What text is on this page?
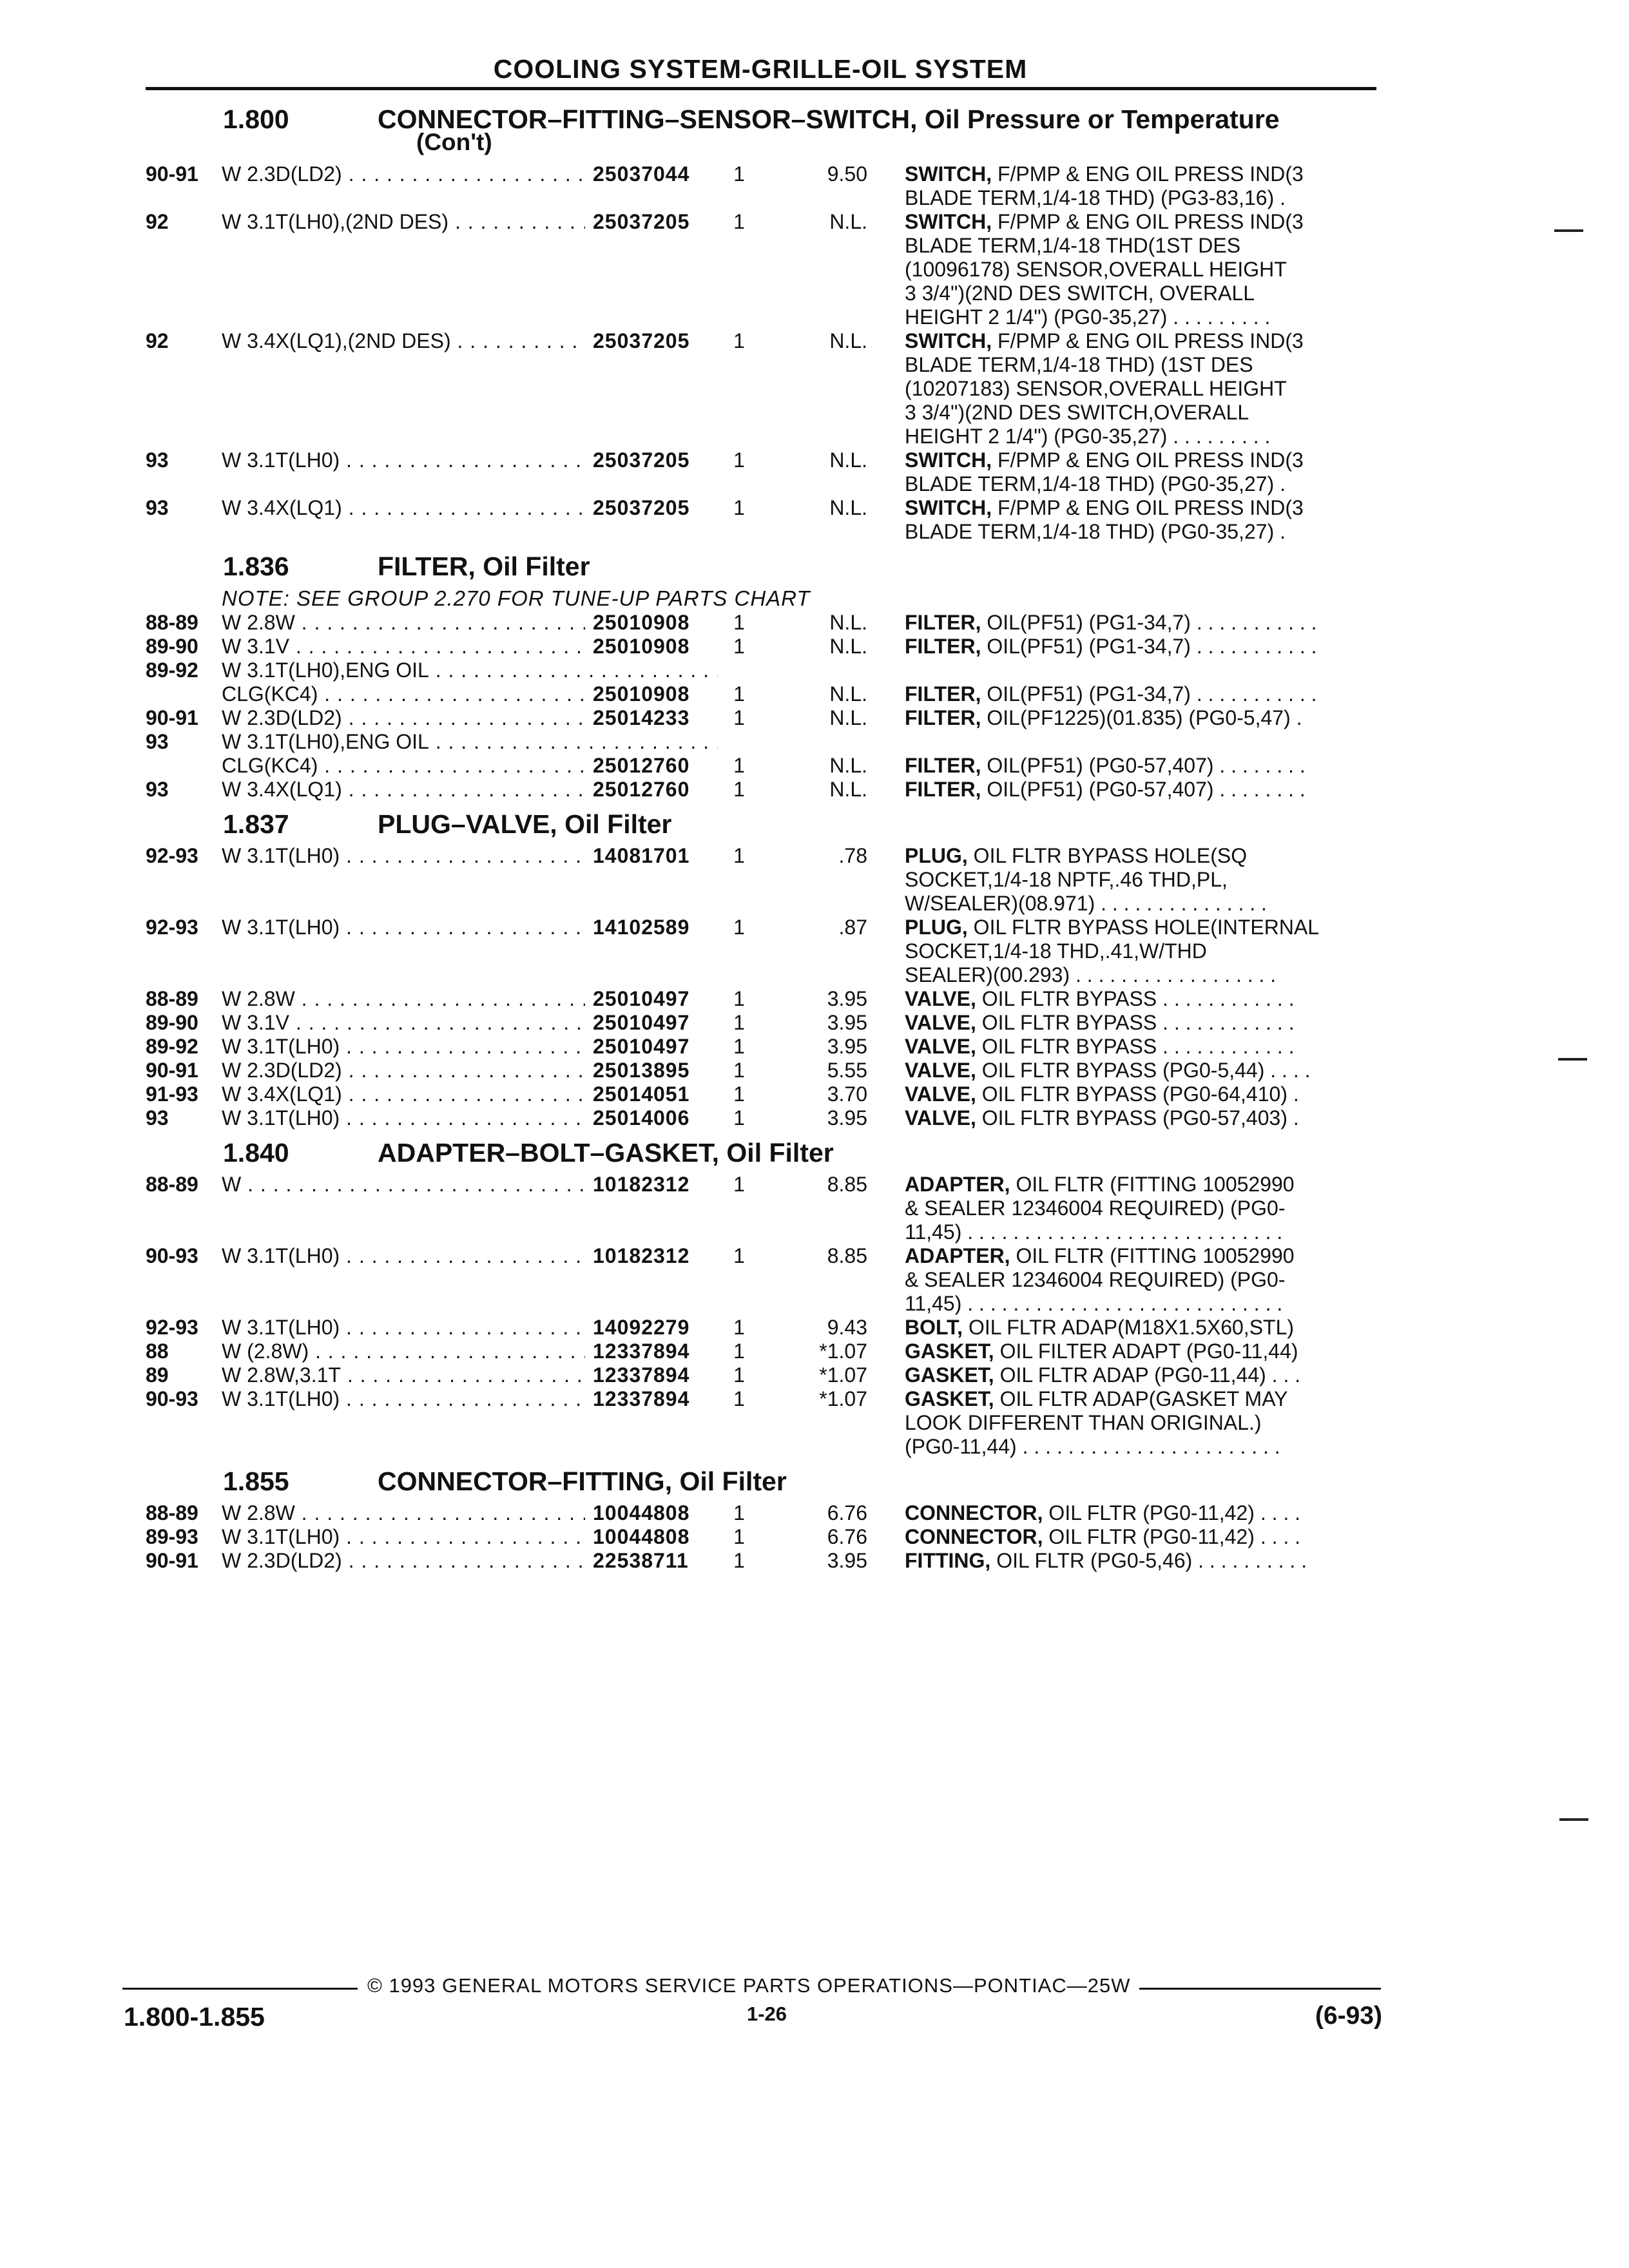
COOLING SYSTEM-GRILLE-OIL SYSTEM
1.800	CONNECTOR–FITTING–SENSOR–SWITCH, Oil Pressure or Temperature
(Con't)
90-91 W 2.3D(LD2) . . .	25037044	1	9.50 SWITCH, F/PMP & ENG OIL PRESS IND(3
BLADE TERM,1/4-18 THD) (PG3-83,16) .
92	W 3.1T(LH0),(2ND DES) . . .	25037205	1	N.L. SWITCH, F/PMP & ENG OIL PRESS IND(3
BLADE TERM,1/4-18 THD(1ST DES
(10096178) SENSOR,OVERALL HEIGHT
3 3/4")(2ND DES SWITCH, OVERALL
HEIGHT 2 1/4") (PG0-35,27) . . . . . . . . .
92	W 3.4X(LQ1),(2ND DES) . . .	25037205	1	N.L. SWITCH, F/PMP & ENG OIL PRESS IND(3
BLADE TERM,1/4-18 THD) (1ST DES
(10207183) SENSOR,OVERALL HEIGHT
3 3/4")(2ND DES SWITCH,OVERALL
HEIGHT 2 1/4") (PG0-35,27) . . . . . . . . .
93	W 3.1T(LH0) . . .	25037205	1	N.L. SWITCH, F/PMP & ENG OIL PRESS IND(3
BLADE TERM,1/4-18 THD) (PG0-35,27) .
93	W 3.4X(LQ1) . . .	25037205	1	N.L. SWITCH, F/PMP & ENG OIL PRESS IND(3
BLADE TERM,1/4-18 THD) (PG0-35,27) .
1.836	FILTER, Oil Filter
NOTE: SEE GROUP 2.270 FOR TUNE-UP PARTS CHART
88-89 W 2.8W . . .	25010908	1	N.L. FILTER, OIL(PF51) (PG1-34,7) . . . . . . . . . . .
89-90 W 3.1V . . .	25010908	1	N.L. FILTER, OIL(PF51) (PG1-34,7) . . . . . . . . . . .
89-92 W 3.1T(LH0),ENG OIL . . .
CLG(KC4) . . .	25010908	1	N.L. FILTER, OIL(PF51) (PG1-34,7) . . . . . . . . . . .
90-91 W 2.3D(LD2) . . .	25014233	1	N.L. FILTER, OIL(PF1225)(01.835) (PG0-5,47) .
93	W 3.1T(LH0),ENG OIL . . .
CLG(KC4) . . .	25012760	1	N.L. FILTER, OIL(PF51) (PG0-57,407) . . . . . . . .
93	W 3.4X(LQ1) . . .	25012760	1	N.L. FILTER, OIL(PF51) (PG0-57,407) . . . . . . . .
1.837	PLUG–VALVE, Oil Filter
92-93 W 3.1T(LH0) . . .	14081701	1	.78 PLUG, OIL FLTR BYPASS HOLE(SQ
SOCKET,1/4-18 NPTF,.46 THD,PL,
W/SEALER)(08.971) . . . . . . . . . . . . . . .
92-93 W 3.1T(LH0) . . .	14102589	1	.87 PLUG, OIL FLTR BYPASS HOLE(INTERNAL
SOCKET,1/4-18 THD,.41,W/THD
SEALER)(00.293) . . . . . . . . . . . . . . . . . .
88-89 W 2.8W . . .	25010497	1	3.95 VALVE, OIL FLTR BYPASS . . . . . . . . . . . .
89-90 W 3.1V . . .	25010497	1	3.95 VALVE, OIL FLTR BYPASS . . . . . . . . . . . .
89-92 W 3.1T(LH0) . . .	25010497	1	3.95 VALVE, OIL FLTR BYPASS . . . . . . . . . . . .
90-91 W 2.3D(LD2) . . .	25013895	1	5.55 VALVE, OIL FLTR BYPASS (PG0-5,44) . . . .
91-93 W 3.4X(LQ1) . . .	25014051	1	3.70 VALVE, OIL FLTR BYPASS (PG0-64,410) .
93	W 3.1T(LH0) . . .	25014006	1	3.95 VALVE, OIL FLTR BYPASS (PG0-57,403) .
1.840	ADAPTER–BOLT–GASKET, Oil Filter
88-89 W . . .	10182312	1	8.85 ADAPTER, OIL FLTR (FITTING 10052990
& SEALER 12346004 REQUIRED) (PG0-
11,45) . . . . . . . . . . . . . . . . . . . . . . . . . . . .
90-93 W 3.1T(LH0) . . .	10182312	1	8.85 ADAPTER, OIL FLTR (FITTING 10052990
& SEALER 12346004 REQUIRED) (PG0-
11,45) . . . . . . . . . . . . . . . . . . . . . . . . . . . .
92-93 W 3.1T(LH0) . . .	14092279	1	9.43 BOLT, OIL FLTR ADAP(M18X1.5X60,STL)
88	W (2.8W) . . .	12337894	1	*1.07 GASKET, OIL FILTER ADAPT (PG0-11,44)
89	W 2.8W,3.1T . . .	12337894	1	*1.07 GASKET, OIL FLTR ADAP (PG0-11,44) . . .
90-93 W 3.1T(LH0) . . .	12337894	1	*1.07 GASKET, OIL FLTR ADAP(GASKET MAY
LOOK DIFFERENT THAN ORIGINAL.)
(PG0-11,44) . . . . . . . . . . . . . . . . . . . . . . .
1.855	CONNECTOR–FITTING, Oil Filter
88-89 W 2.8W . . .	10044808	1	6.76 CONNECTOR, OIL FLTR (PG0-11,42) . . . .
89-93 W 3.1T(LH0) . . .	10044808	1	6.76 CONNECTOR, OIL FLTR (PG0-11,42) . . . .
90-91 W 2.3D(LD2) . . .	22538711	1	3.95 FITTING, OIL FLTR (PG0-5,46) . . . . . . . . . .
© 1993 GENERAL MOTORS SERVICE PARTS OPERATIONS—PONTIAC—25W
1.800-1.855	1-26	(6-93)
